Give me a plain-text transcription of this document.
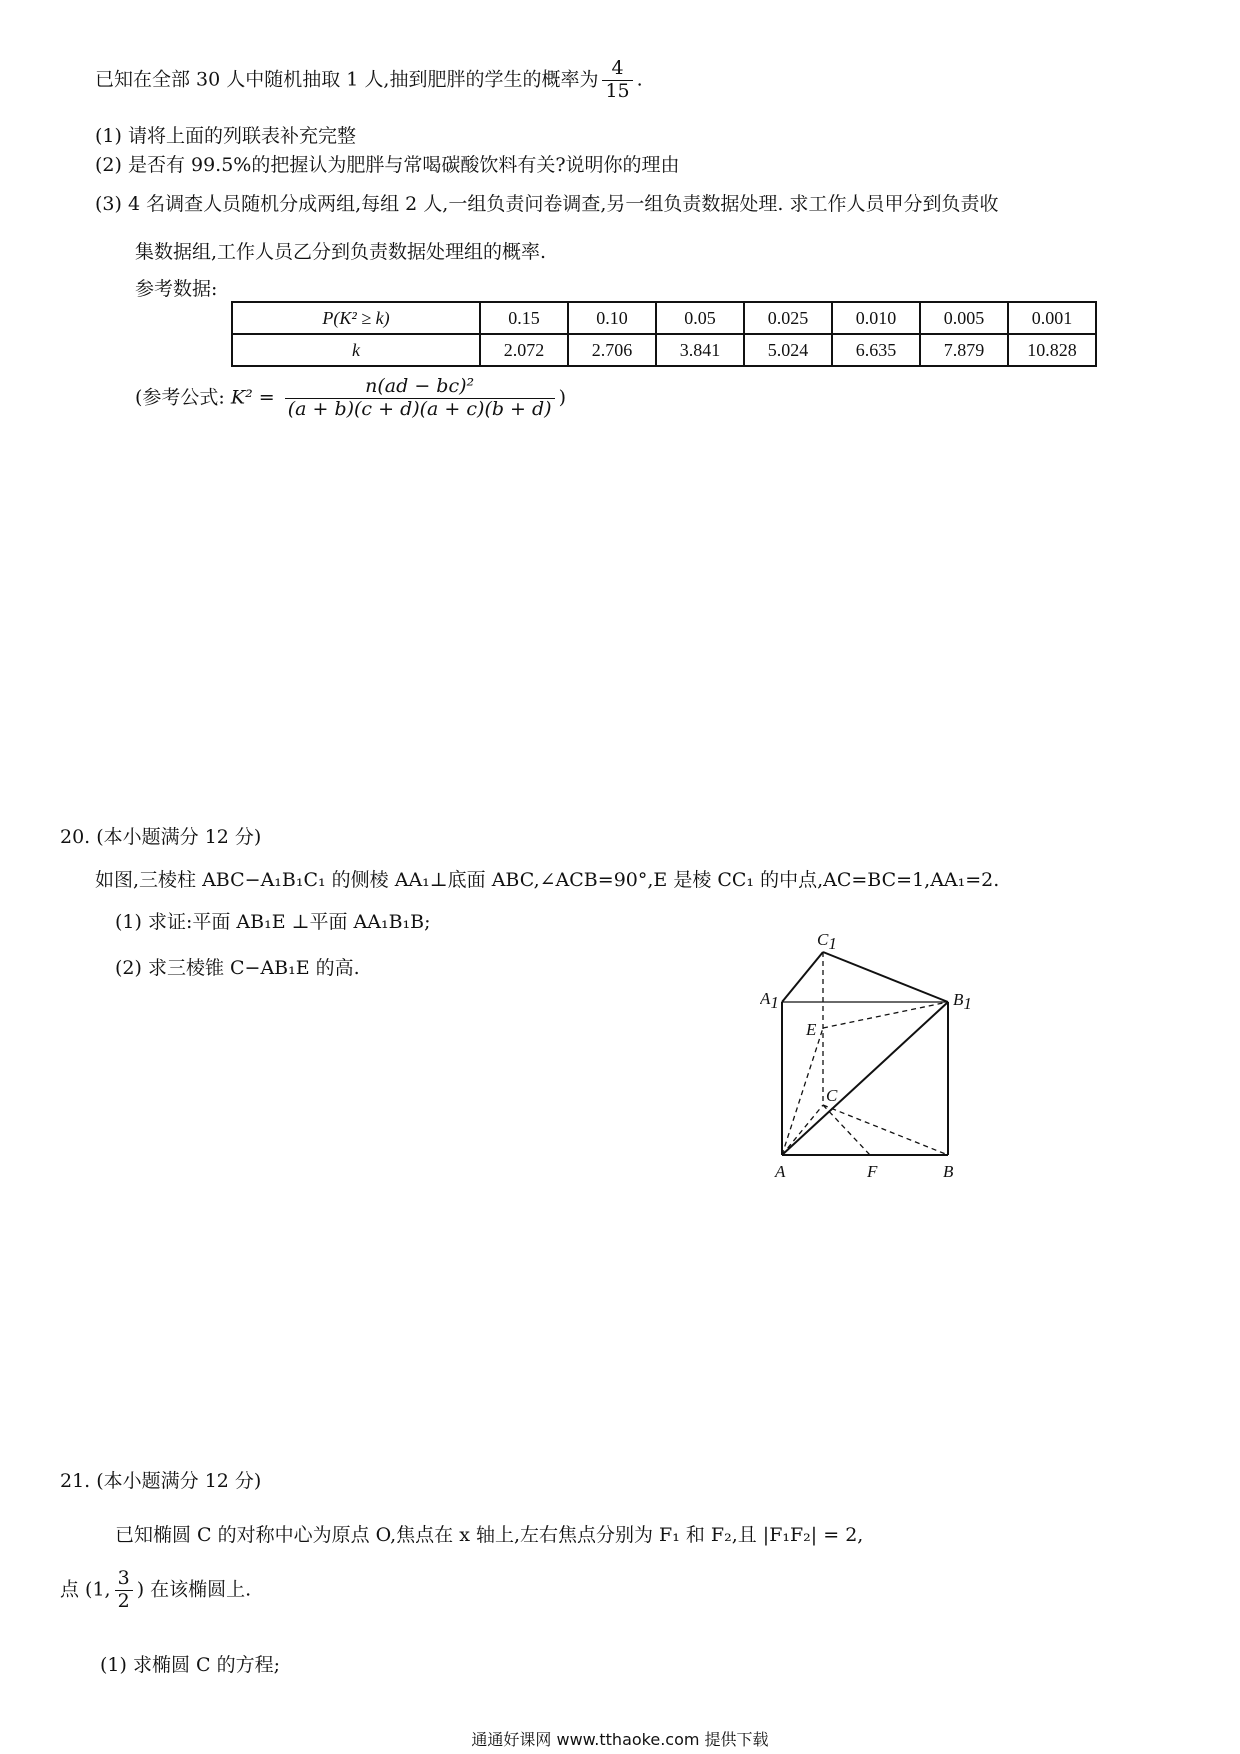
已知在全部 30 人中随机抽取 1 人,抽到肥胖的学生的概率为 $\frac{4}{15}$ .
(1) 请将上面的列联表补充完整
(2) 是否有 99.5%的把握认为肥胖与常喝碳酸饮料有关?说明你的理由
(3) 4 名调查人员随机分成两组,每组 2 人,一组负责问卷调查,另一组负责数据处理. 求工作人员甲分到负责收
集数据组,工作人员乙分到负责数据处理组的概率.
参考数据:
P(K² ≥ k)	0.15	0.10	0.05	0.025	0.010	0.005	0.001
k	2.072	2.706	3.841	5.024	6.635	7.879	10.828
(参考公式: $K^2 = \frac{\text{n(ad − bc)²}}{(a + b)(c + d)(a + c)(b + d)}$ )
20. (本小题满分 12 分)
如图,三棱柱 ABC−A₁B₁C₁ 的侧棱 AA₁⊥底面 ABC,∠ACB=90°,E 是棱 CC₁ 的中点,AC=BC=1,AA₁=2.
(1) 求证:平面 AB₁E ⊥平面 AA₁B₁B;
(2) 求三棱锥 C−AB₁E 的高.
C1
A1	B1
E
C
A	F	B
21. (本小题满分 12 分)
已知椭圆 C 的对称中心为原点 O,焦点在 x 轴上,左右焦点分别为 F₁ 和 F₂,且 |F₁F₂| = 2,
点 (1, $\frac{3}{2}$ ) 在该椭圆上.
(1) 求椭圆 C 的方程;
通通好课网 www.tthaoke.com 提供下载
